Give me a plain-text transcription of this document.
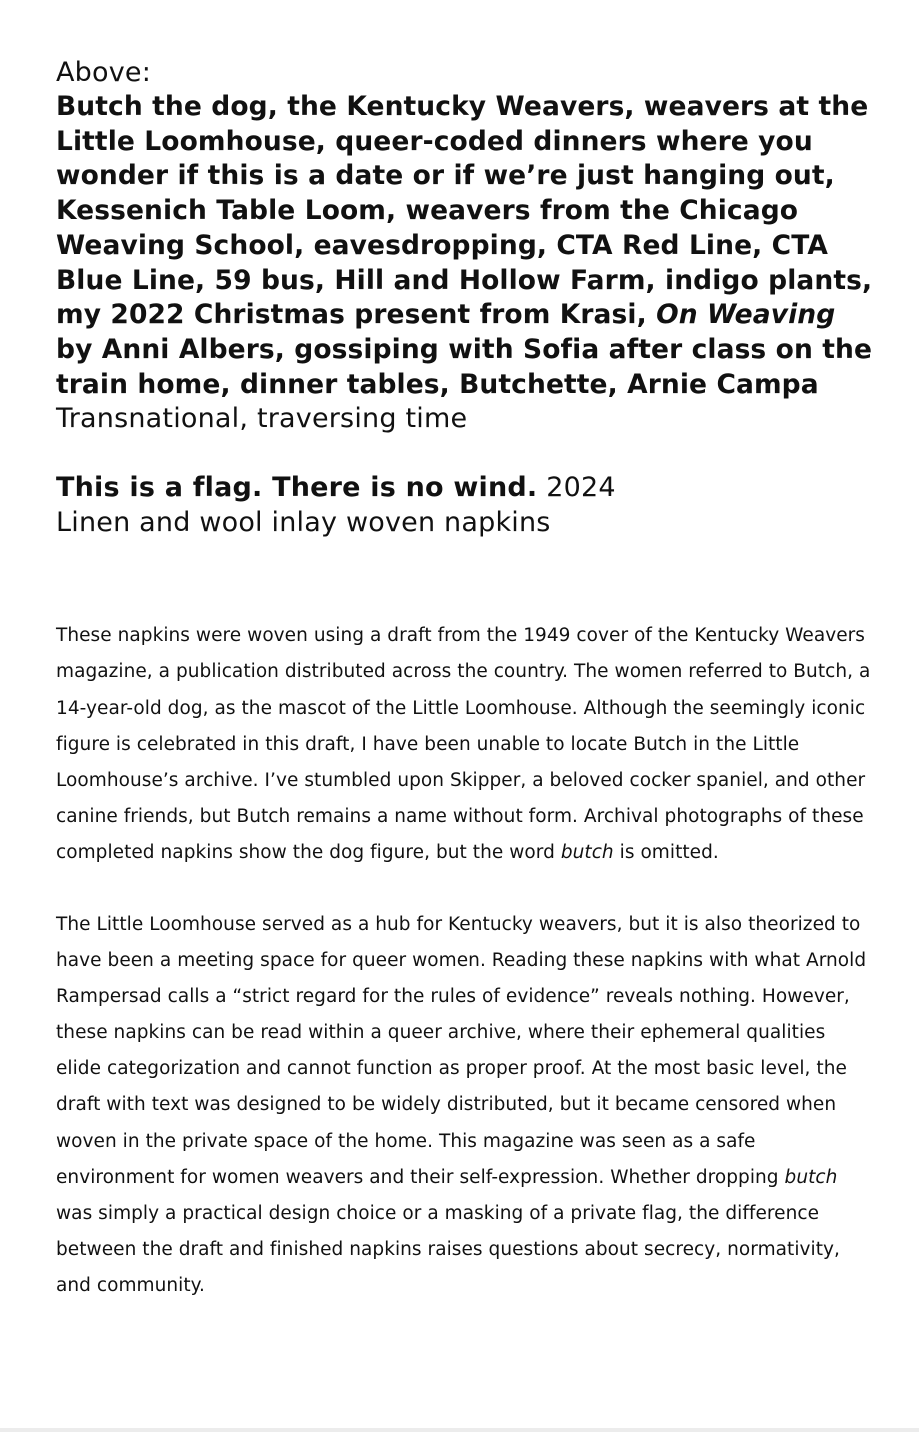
Above:
Butch the dog, the Kentucky Weavers, weavers at the Little Loomhouse, queer-coded dinners where you wonder if this is a date or if we’re just hanging out, Kessenich Table Loom, weavers from the Chicago Weaving School, eavesdropping, CTA Red Line, CTA Blue Line, 59 bus, Hill and Hollow Farm, indigo plants, my 2022 Christmas present from Krasi, On Weaving by Anni Albers, gossiping with Sofia after class on the train home, dinner tables, Butchette, Arnie Campa
Transnational, traversing time
This is a flag. There is no wind. 2024
Linen and wool inlay woven napkins

These napkins were woven using a draft from the 1949 cover of the Kentucky Weavers magazine, a publication distributed across the country. The women referred to Butch, a 14-year-old dog, as the mascot of the Little Loomhouse. Although the seemingly iconic figure is celebrated in this draft, I have been unable to locate Butch in the Little Loomhouse’s archive. I’ve stumbled upon Skipper, a beloved cocker spaniel, and other canine friends, but Butch remains a name without form. Archival photographs of these completed napkins show the dog figure, but the word butch is omitted.

The Little Loomhouse served as a hub for Kentucky weavers, but it is also theorized to have been a meeting space for queer women. Reading these napkins with what Arnold Rampersad calls a “strict regard for the rules of evidence” reveals nothing. However, these napkins can be read within a queer archive, where their ephemeral qualities elide categorization and cannot function as proper proof. At the most basic level, the draft with text was designed to be widely distributed, but it became censored when woven in the private space of the home. This magazine was seen as a safe environment for women weavers and their self-expression. Whether dropping butch was simply a practical design choice or a masking of a private flag, the difference between the draft and finished napkins raises questions about secrecy, normativity, and community.
